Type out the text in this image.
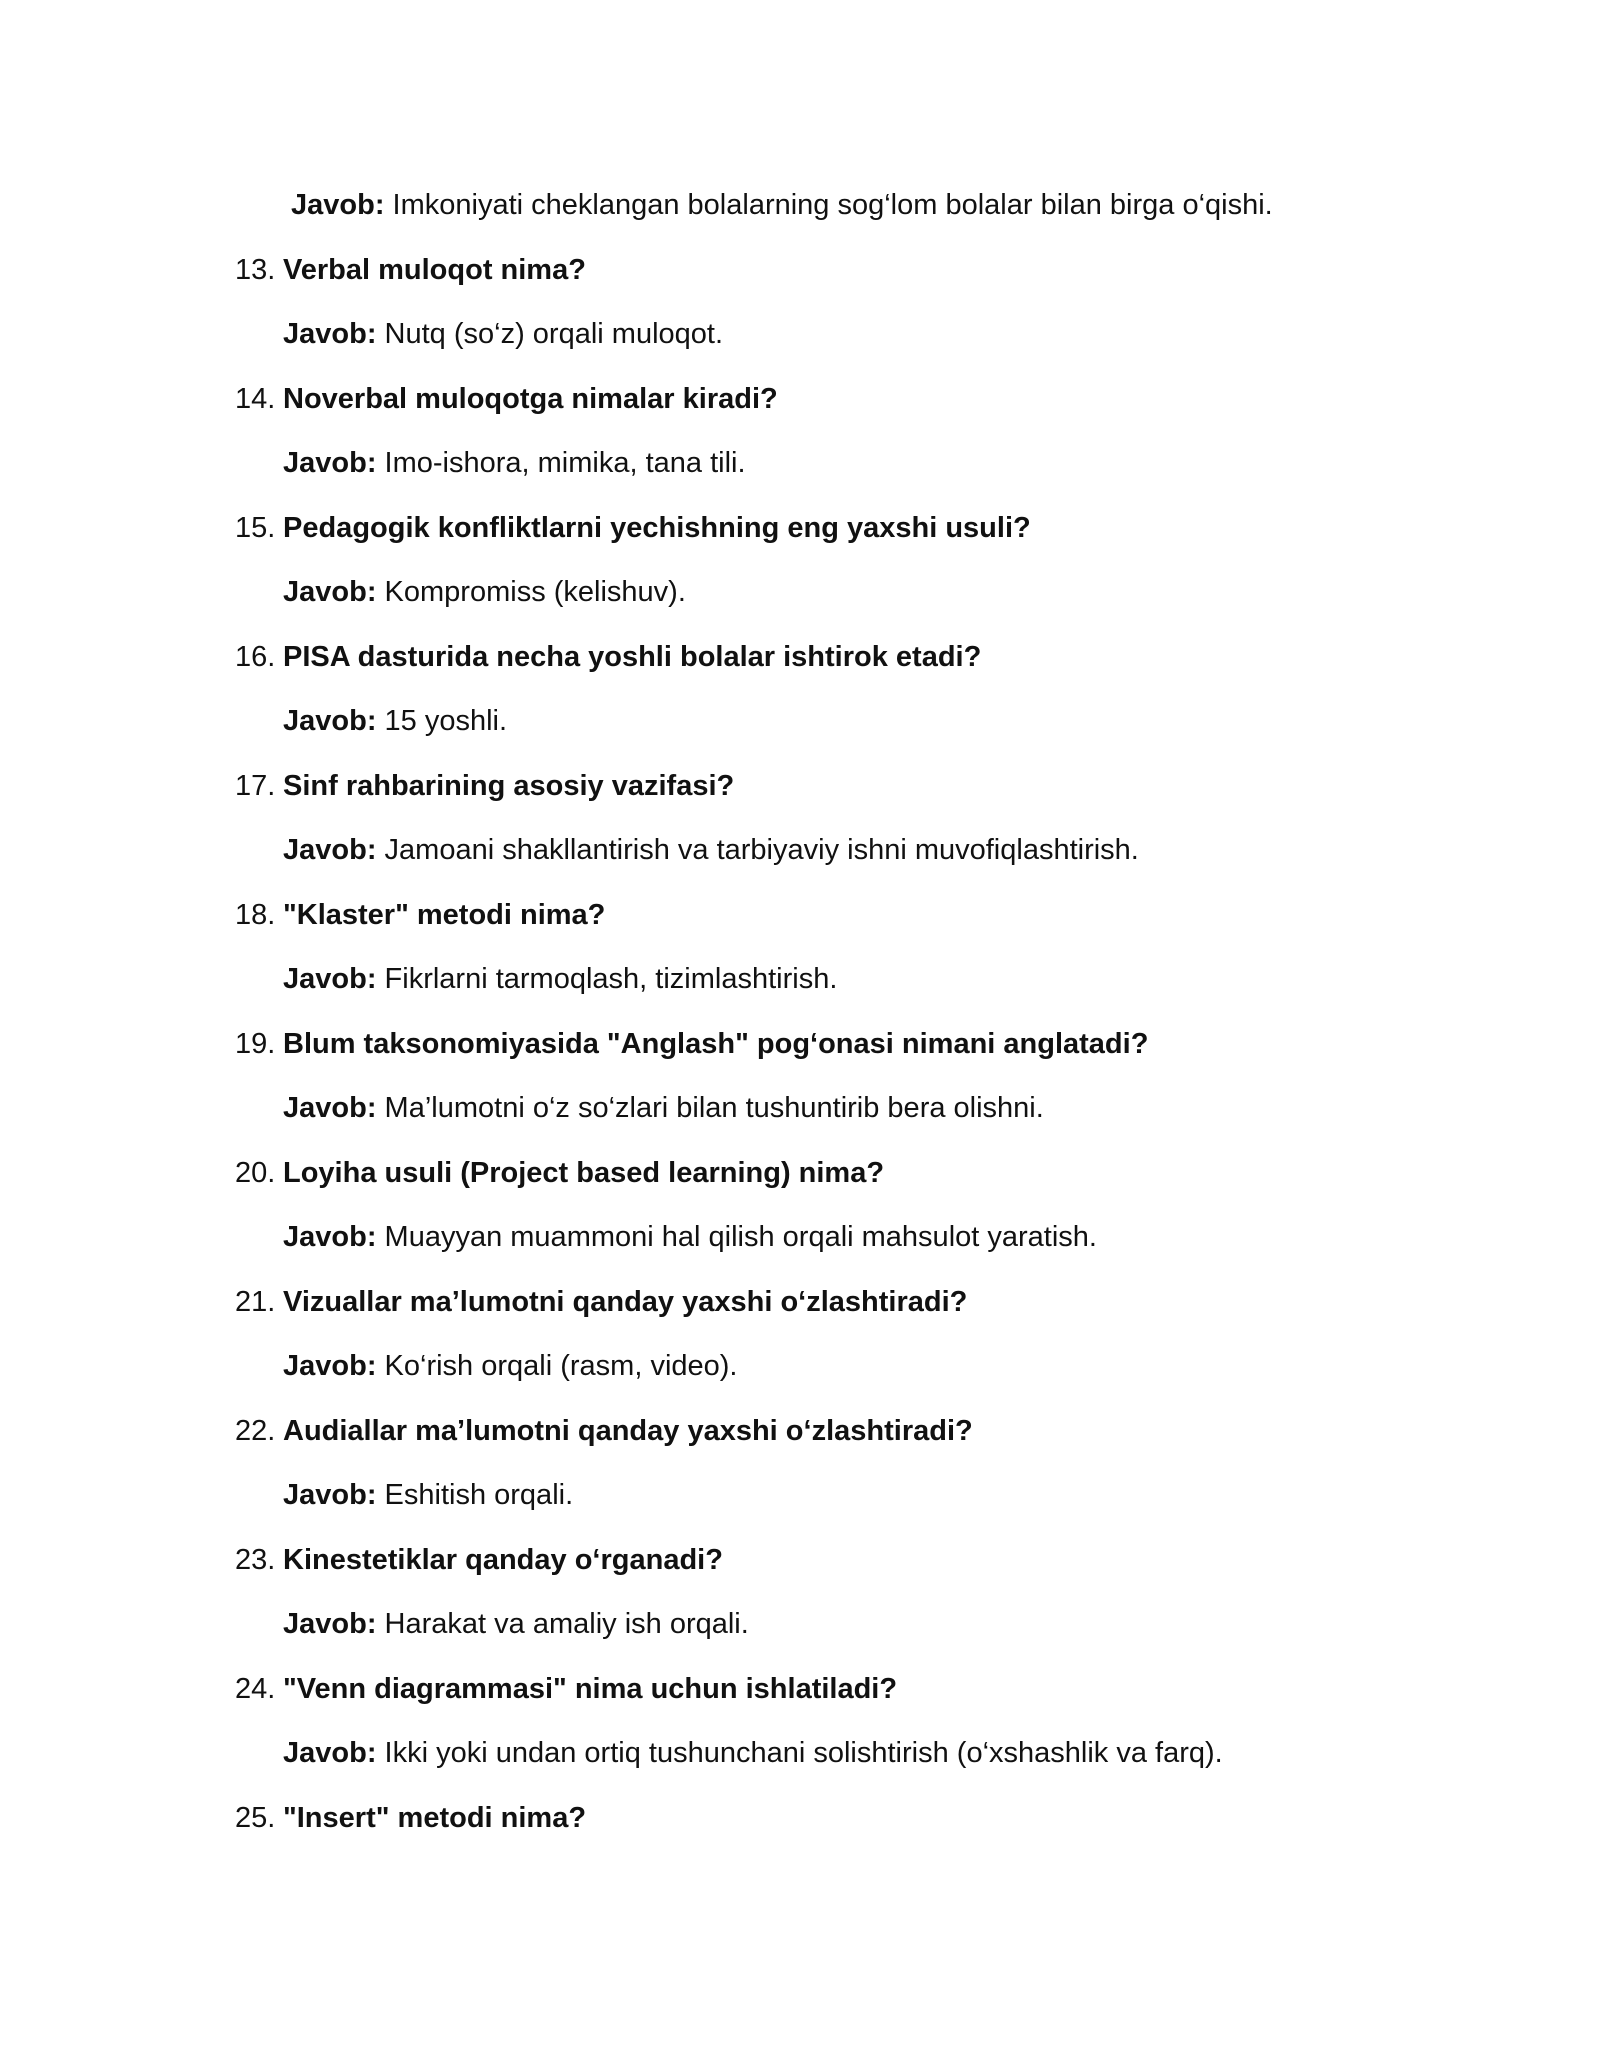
Javob: Imkoniyati cheklangan bolalarning sog‘lom bolalar bilan birga o‘qishi.
13. Verbal muloqot nima?
Javob: Nutq (so‘z) orqali muloqot.
14. Noverbal muloqotga nimalar kiradi?
Javob: Imo-ishora, mimika, tana tili.
15. Pedagogik konfliktlarni yechishning eng yaxshi usuli?
Javob: Kompromiss (kelishuv).
16. PISA dasturida necha yoshli bolalar ishtirok etadi?
Javob: 15 yoshli.
17. Sinf rahbarining asosiy vazifasi?
Javob: Jamoani shakllantirish va tarbiyaviy ishni muvofiqlashtirish.
18. "Klaster" metodi nima?
Javob: Fikrlarni tarmoqlash, tizimlashtirish.
19. Blum taksonomiyasida "Anglash" pog‘onasi nimani anglatadi?
Javob: Ma’lumotni o‘z so‘zlari bilan tushuntirib bera olishni.
20. Loyiha usuli (Project based learning) nima?
Javob: Muayyan muammoni hal qilish orqali mahsulot yaratish.
21. Vizuallar ma’lumotni qanday yaxshi o‘zlashtiradi?
Javob: Ko‘rish orqali (rasm, video).
22. Audiallar ma’lumotni qanday yaxshi o‘zlashtiradi?
Javob: Eshitish orqali.
23. Kinestetiklar qanday o‘rganadi?
Javob: Harakat va amaliy ish orqali.
24. "Venn diagrammasi" nima uchun ishlatiladi?
Javob: Ikki yoki undan ortiq tushunchani solishtirish (o‘xshashlik va farq).
25. "Insert" metodi nima?
